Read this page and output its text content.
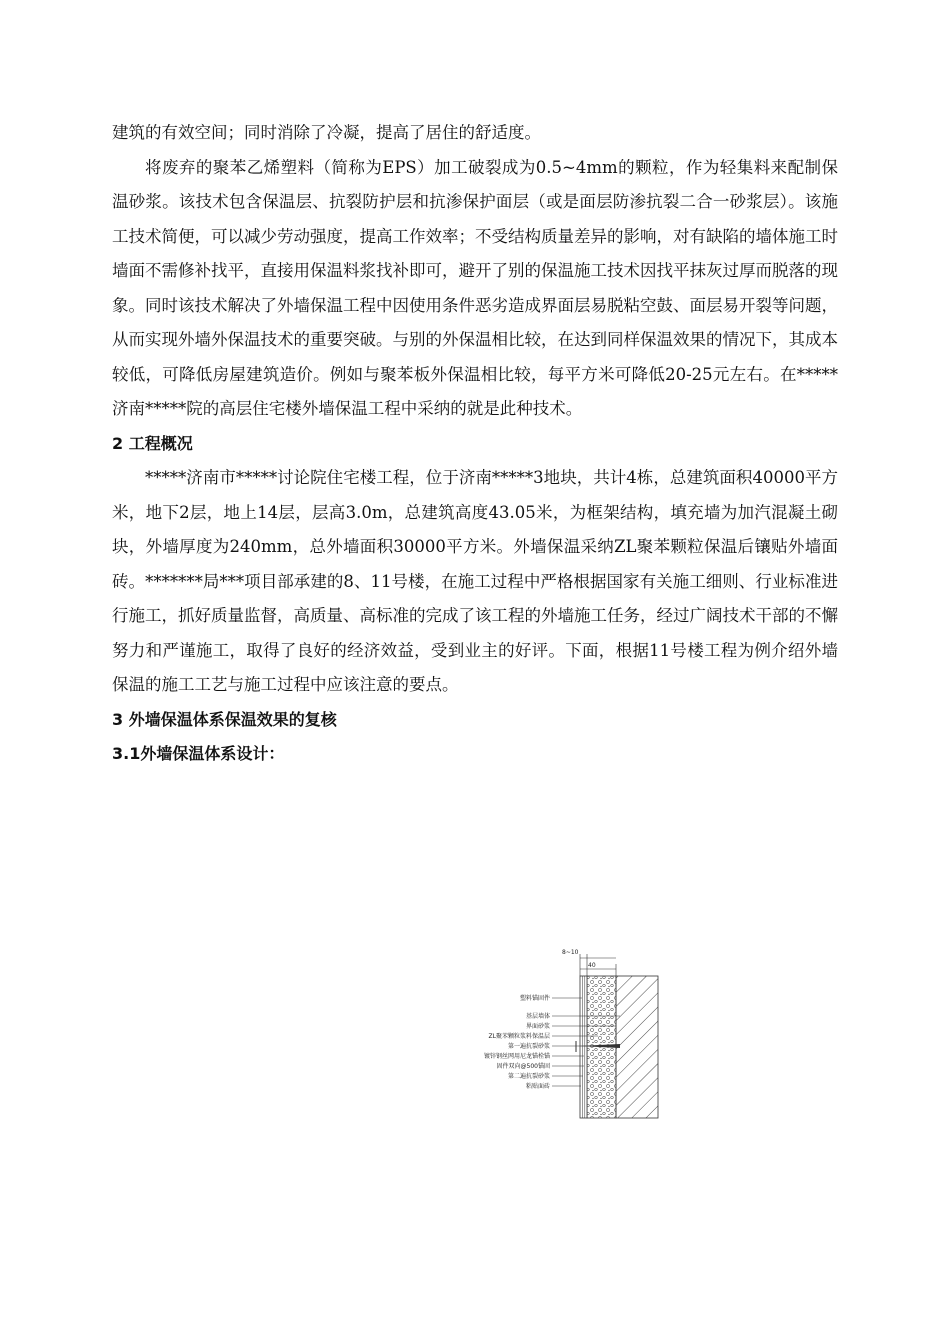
建筑的有效空间；同时消除了冷凝，提高了居住的舒适度。

将废弃的聚苯乙烯塑料（简称为EPS）加工破裂成为0.5~4mm的颗粒，作为轻集料来配制保温砂浆。该技术包含保温层、抗裂防护层和抗渗保护面层（或是面层防渗抗裂二合一砂浆层）。该施工技术简便，可以减少劳动强度，提高工作效率；不受结构质量差异的影响，对有缺陷的墙体施工时墙面不需修补找平，直接用保温料浆找补即可，避开了别的保温施工技术因找平抹灰过厚而脱落的现象。同时该技术解决了外墙保温工程中因使用条件恶劣造成界面层易脱粘空鼓、面层易开裂等问题，从而实现外墙外保温技术的重要突破。与别的外保温相比较，在达到同样保温效果的情况下，其成本较低，可降低房屋建筑造价。例如与聚苯板外保温相比较，每平方米可降低20-25元左右。在*****济南*****院的高层住宅楼外墙保温工程中采纳的就是此种技术。

2 工程概况

*****济南市*****讨论院住宅楼工程，位于济南*****3地块，共计4栋，总建筑面积40000平方米，地下2层，地上14层，层高3.0m，总建筑高度43.05米，为框架结构，填充墙为加汽混凝土砌块，外墙厚度为240mm，总外墙面积30000平方米。外墙保温采纳ZL聚苯颗粒保温后镶贴外墙面砖。*******局***项目部承建的8、11号楼，在施工过程中严格根据国家有关施工细则、行业标准进行施工，抓好质量监督，高质量、高标准的完成了该工程的外墙施工任务，经过广阔技术干部的不懈努力和严谨施工，取得了良好的经济效益，受到业主的好评。下面，根据11号楼工程为例介绍外墙保温的施工工艺与施工过程中应该注意的要点。

3 外墙保温体系保温效果的复核

3.1外墙保温体系设计：

8~10
40
塑料锚固件
基层墙体
界面砂浆
ZL聚苯颗粒浆料保温层
第一遍抗裂砂浆
镀锌钢丝网用尼龙锚栓锚
固件双向@500锚固
第二遍抗裂砂浆
粘贴面砖
